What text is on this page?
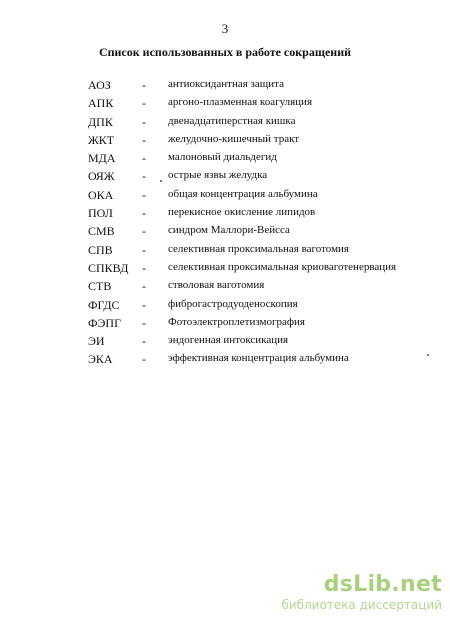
3
Список использованных в работе сокращений
АОЗ	- антиоксидантная защита
АПК - аргоно-плазменная коагуляция
ДПК - двенадцатиперстная кишка
ЖКТ - желудочно-кишечный тракт
МДА - малоновый диальдегид
ОЯЖ - острые язвы желудка
ОКА - общая концентрация альбумина
ПОЛ - перекисное окисление липидов
СМВ - синдром Маллори-Вейсса
СПВ - селективная проксимальная ваготомия
СПКВД - селективная проксимальная криоваготенервация
СТВ	- стволовая ваготомия
ФГДС - фиброгастродуоденоскопия
ФЭПГ - Фотоэлектроплетизмография
ЭИ	- эндогенная интоксикация
ЭКА - эффективная концентрация альбумина
dsLib.net
библиотека диссертаций
